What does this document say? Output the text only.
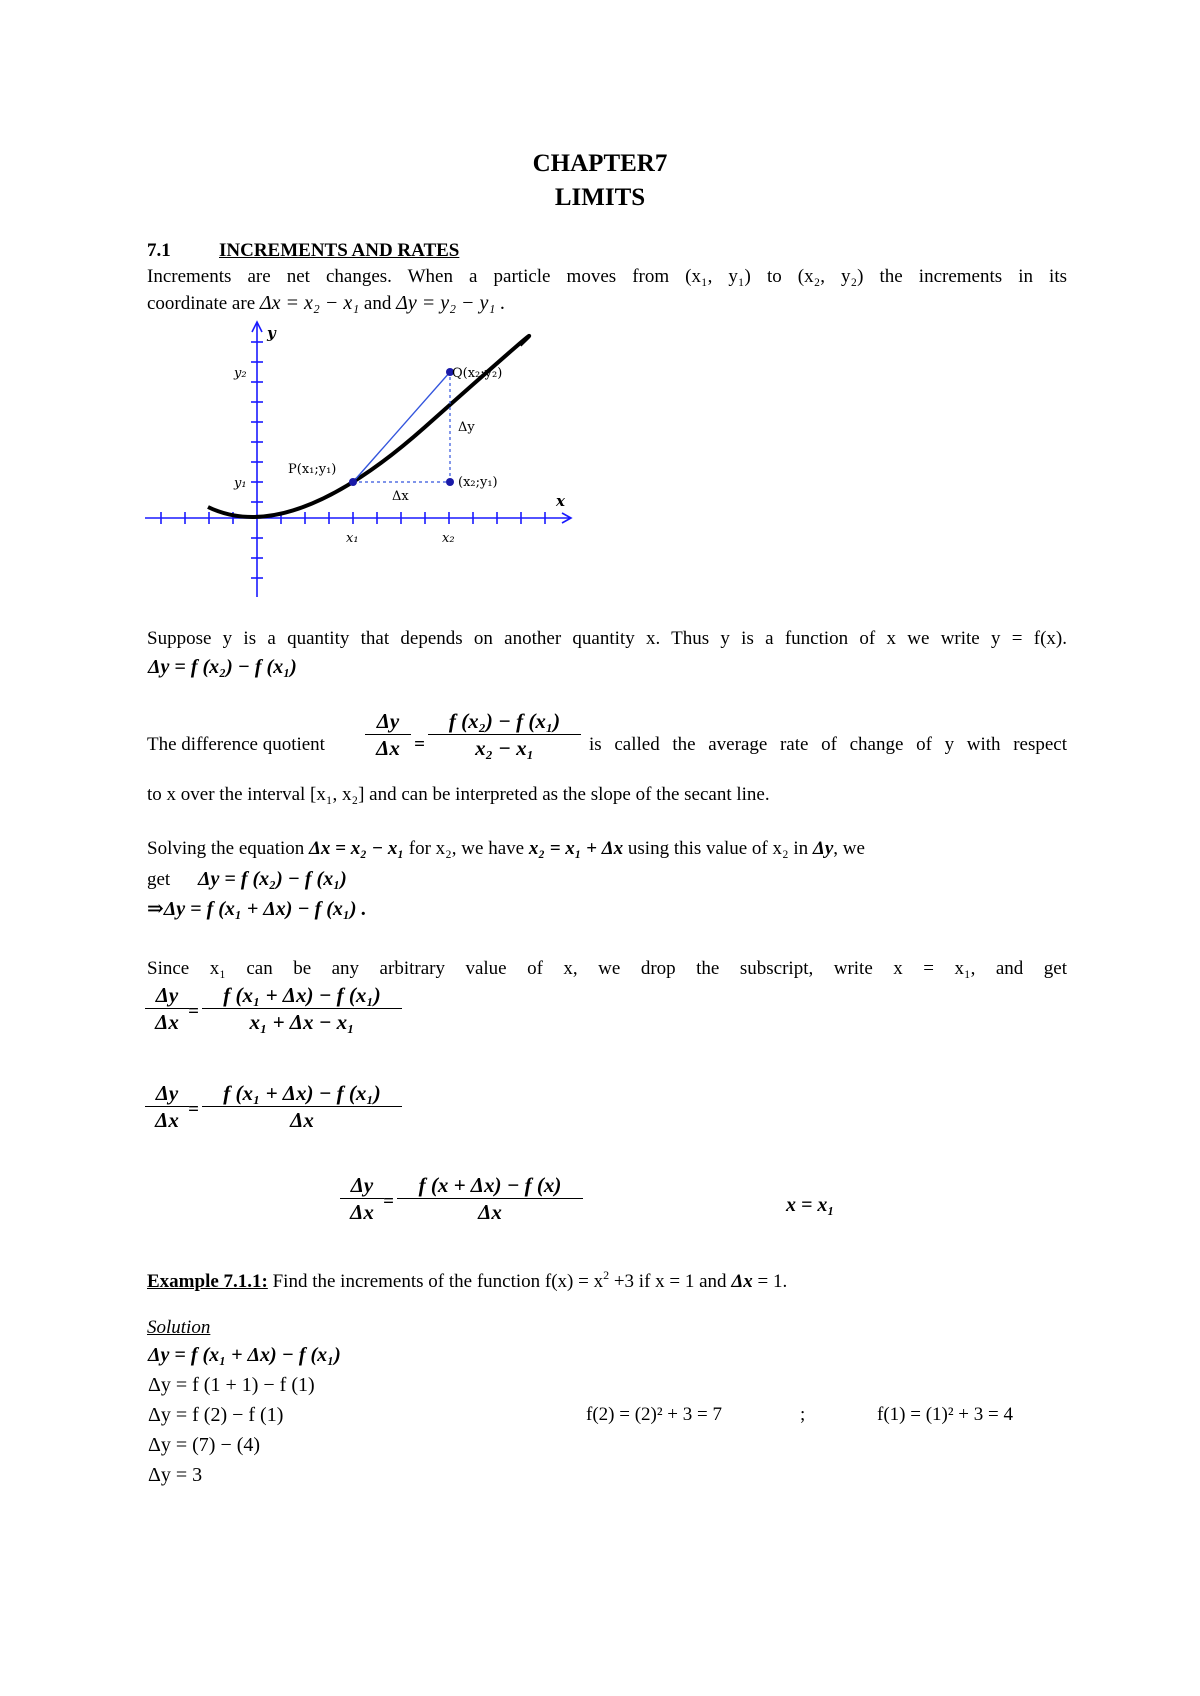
CHAPTER7
LIMITS
7.1	INCREMENTS AND RATES
Increments are net changes. When a particle moves from (x₁, y₁) to (x₂, y₂) the increments in its
coordinate are Δx = x₂ − x₁ and Δy = y₂ − y₁ .
y
x
x₁	x₂
y₁
y₂
P(x₁;y₁)
Q(x₂;y₂)
(x₂;y₁)
Δx
Δy
Suppose y is a quantity that depends on another quantity x. Thus y is a function of x we write y = f(x).
Δy = f (x₂) − f (x₁)
The difference quotient $\frac{\Delta y}{\Delta x} = \frac{\text{f (x₂) − f (x₁)}}{\text{x₂ − x₁}}$ is called the average rate of change of y with respect
to x over the interval [x₁, x₂] and can be interpreted as the slope of the secant line.
Solving the equation Δx = x₂ − x₁ for x₂, we have x₂ = x₁ + Δx using this value of x₂ in Δy, we
get Δy = f (x₂) − f (x₁)
⇒Δy = f (x₁ + Δx) − f (x₁) .
Since x₁ can be any arbitrary value of x, we drop the subscript, write x = x₁, and get
$\frac{\Delta y}{\Delta x} = \frac{\text{f (x₁ + Δx) − f (x₁)}}{\text{x₁ + Δx − x₁}}$
$\frac{\Delta y}{\Delta x} = \frac{\text{f (x₁ + Δx) − f (x₁)}}{\Delta x}$
$\frac{\Delta y}{\Delta x} = \frac{f (x + \Delta x) - f (x)}{\Delta x}$	x = x₁
Example 7.1.1: Find the increments of the function $f(x) = x^2 +3$ if x = 1 and Δx = 1.
Solution
Δy = f (x₁ + Δx) − f (x₁)
Δy = f (1 + 1) − f (1)
Δy = f (2) − f (1)
Δy = (7) − (4)
Δy = 3
f(2) = (2)² + 3 = 7	;	f(1) = (1)² + 3 = 4
